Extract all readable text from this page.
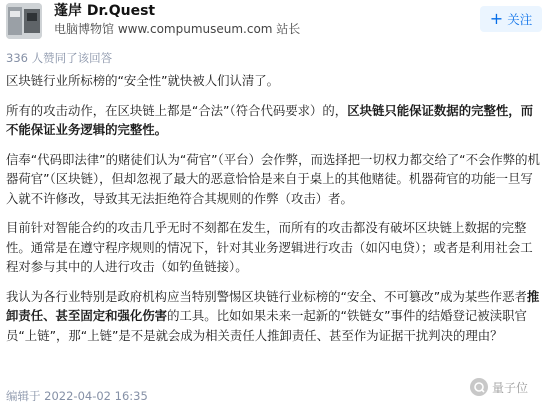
蓬岸 Dr.Quest
电脑博物馆 www.compumuseum.com 站长
+ 关注
336 人赞同了该回答

区块链行业所标榜的“安全性”就快被人们认清了。

所有的攻击动作，在区块链上都是“合法”（符合代码要求）的，区块链只能保证数据的完整性，而不能保证业务逻辑的完整性。

信奉“代码即法律”的赌徒们认为“荷官”（平台）会作弊，而选择把一切权力都交给了“不会作弊的机器荷官”（区块链），但却忽视了最大的恶意恰恰是来自于桌上的其他赌徒。机器荷官的功能一旦写入就不许修改，导致其无法拒绝符合其规则的作弊（攻击）者。

目前针对智能合约的攻击几乎无时不刻都在发生，而所有的攻击都没有破坏区块链上数据的完整性。通常是在遵守程序规则的情况下，针对其业务逻辑进行攻击（如闪电贷）；或者是利用社会工程对参与其中的人进行攻击（如钓鱼链接）。

我认为各行业特别是政府机构应当特别警惕区块链行业标榜的“安全、不可篡改”成为某些作恶者推卸责任、甚至固定和强化伤害的工具。比如如果未来一起新的“铁链女”事件的结婚登记被渎职官员“上链”，那“上链”是不是就会成为相关责任人推卸责任、甚至作为证据干扰判决的理由？

编辑于 2022-04-02 16:35
量子位
